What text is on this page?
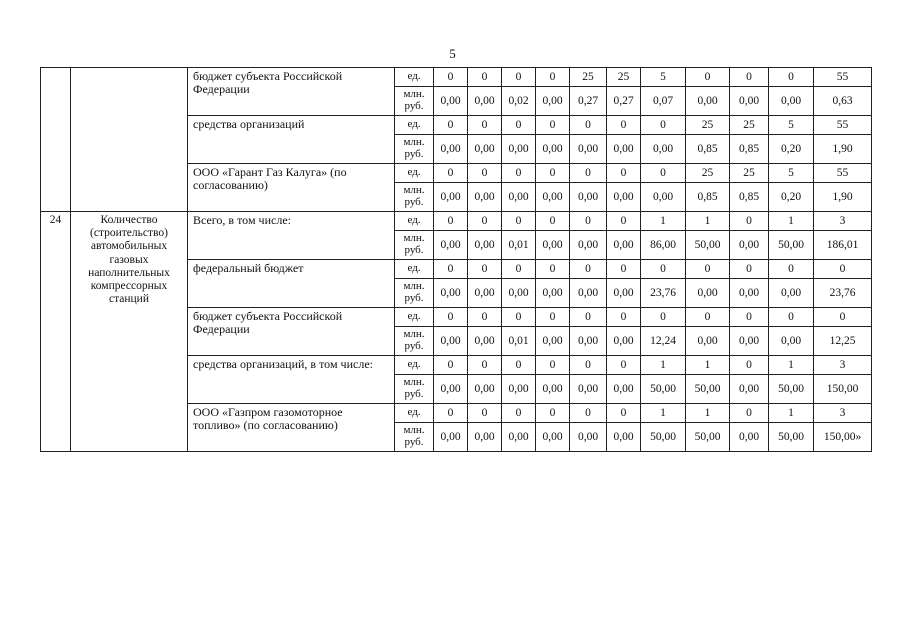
5
		бюджет субъекта Российской Федерации	ед.	0	0	0	0	25	25	5	0	0	0	55
			млн. руб.	0,00	0,00	0,02	0,00	0,27	0,27	0,07	0,00	0,00	0,00	0,63
		средства организаций	ед.	0	0	0	0	0	0	0	25	25	5	55
			млн. руб.	0,00	0,00	0,00	0,00	0,00	0,00	0,00	0,85	0,85	0,20	1,90
		ООО «Гарант Газ Калуга» (по согласованию)	ед.	0	0	0	0	0	0	0	25	25	5	55
			млн. руб.	0,00	0,00	0,00	0,00	0,00	0,00	0,00	0,85	0,85	0,20	1,90
24	Количество (строительство) автомобильных газовых наполнительных компрессорных станций	Всего, в том числе:	ед.	0	0	0	0	0	0	1	1	0	1	3
			млн. руб.	0,00	0,00	0,01	0,00	0,00	0,00	86,00	50,00	0,00	50,00	186,01
		федеральный бюджет	ед.	0	0	0	0	0	0	0	0	0	0	0
			млн. руб.	0,00	0,00	0,00	0,00	0,00	0,00	23,76	0,00	0,00	0,00	23,76
		бюджет субъекта Российской Федерации	ед.	0	0	0	0	0	0	0	0	0	0	0
			млн. руб.	0,00	0,00	0,01	0,00	0,00	0,00	12,24	0,00	0,00	0,00	12,25
		средства организаций, в том числе:	ед.	0	0	0	0	0	0	1	1	0	1	3
			млн. руб.	0,00	0,00	0,00	0,00	0,00	0,00	50,00	50,00	0,00	50,00	150,00
		ООО «Газпром газомоторное топливо» (по согласованию)	ед.	0	0	0	0	0	0	1	1	0	1	3
			млн. руб.	0,00	0,00	0,00	0,00	0,00	0,00	50,00	50,00	0,00	50,00	150,00»
